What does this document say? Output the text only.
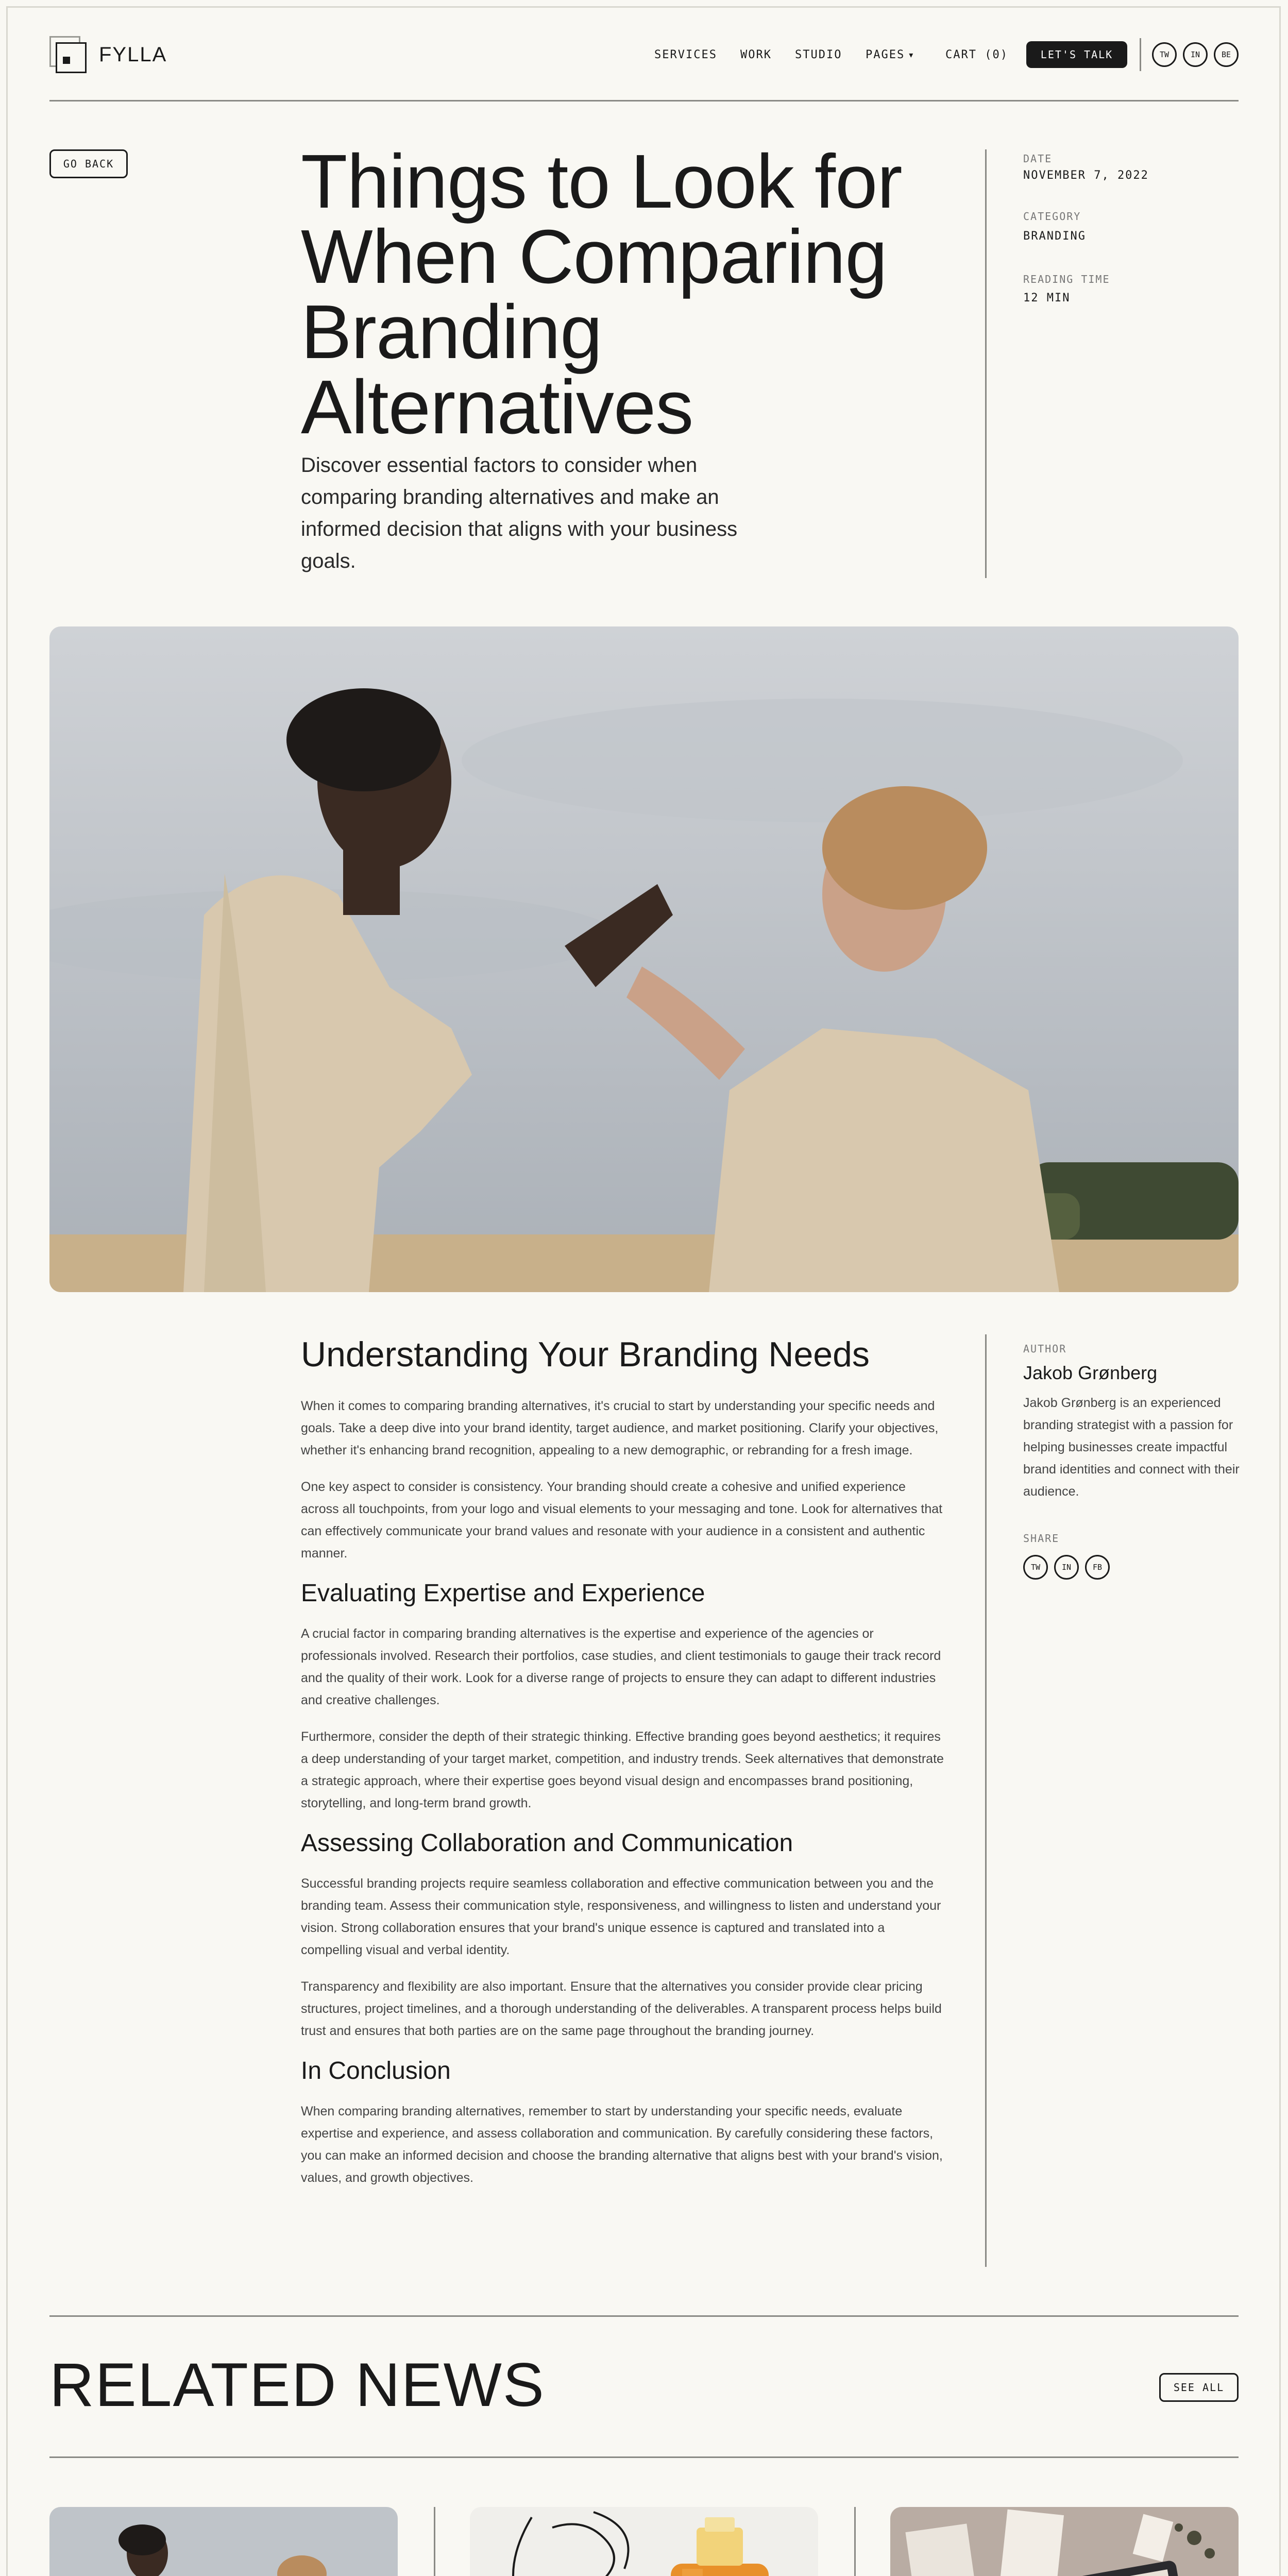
FYLLA	SERVICES WORK STUDIO PAGES ▾	CART (0)	LET'S TALK	TW	IN	BE
GO BACK Things to Look for When Comparing Branding Alternatives

Discover essential factors to consider when comparing branding alternatives and make an informed decision that aligns with your business goals.

DATE
NOVEMBER 7, 2022
CATEGORY
BRANDING
READING TIME
12 MIN
Understanding Your Branding Needs

When it comes to comparing branding alternatives, it's crucial to start by understanding your specific needs and goals. Take a deep dive into your brand identity, target audience, and market positioning. Clarify your objectives, whether it's enhancing brand recognition, appealing to a new demographic, or rebranding for a fresh image.

One key aspect to consider is consistency. Your branding should create a cohesive and unified experience across all touchpoints, from your logo and visual elements to your messaging and tone. Look for alternatives that can effectively communicate your brand values and resonate with your audience in a consistent and authentic manner.

Evaluating Expertise and Experience

A crucial factor in comparing branding alternatives is the expertise and experience of the agencies or professionals involved. Research their portfolios, case studies, and client testimonials to gauge their track record and the quality of their work. Look for a diverse range of projects to ensure they can adapt to different industries and creative challenges.

Furthermore, consider the depth of their strategic thinking. Effective branding goes beyond aesthetics; it requires a deep understanding of your target market, competition, and industry trends. Seek alternatives that demonstrate a strategic approach, where their expertise goes beyond visual design and encompasses brand positioning, storytelling, and long-term brand growth.

Assessing Collaboration and Communication

Successful branding projects require seamless collaboration and effective communication between you and the branding team. Assess their communication style, responsiveness, and willingness to listen and understand your vision. Strong collaboration ensures that your brand's unique essence is captured and translated into a compelling visual and verbal identity.

Transparency and flexibility are also important. Ensure that the alternatives you consider provide clear pricing structures, project timelines, and a thorough understanding of the deliverables. A transparent process helps build trust and ensures that both parties are on the same page throughout the branding journey.

In Conclusion

When comparing branding alternatives, remember to start by understanding your specific needs, evaluate expertise and experience, and assess collaboration and communication. By carefully considering these factors, you can make an informed decision and choose the branding alternative that aligns best with your brand's vision, values, and growth objectives.

AUTHOR
Jakob Grønberg
Jakob Grønberg is an experienced branding strategist with a passion for helping businesses create impactful brand identities and connect with their audience.
SHARE
TW	IN	FB
RELATED NEWS	SEE ALL
